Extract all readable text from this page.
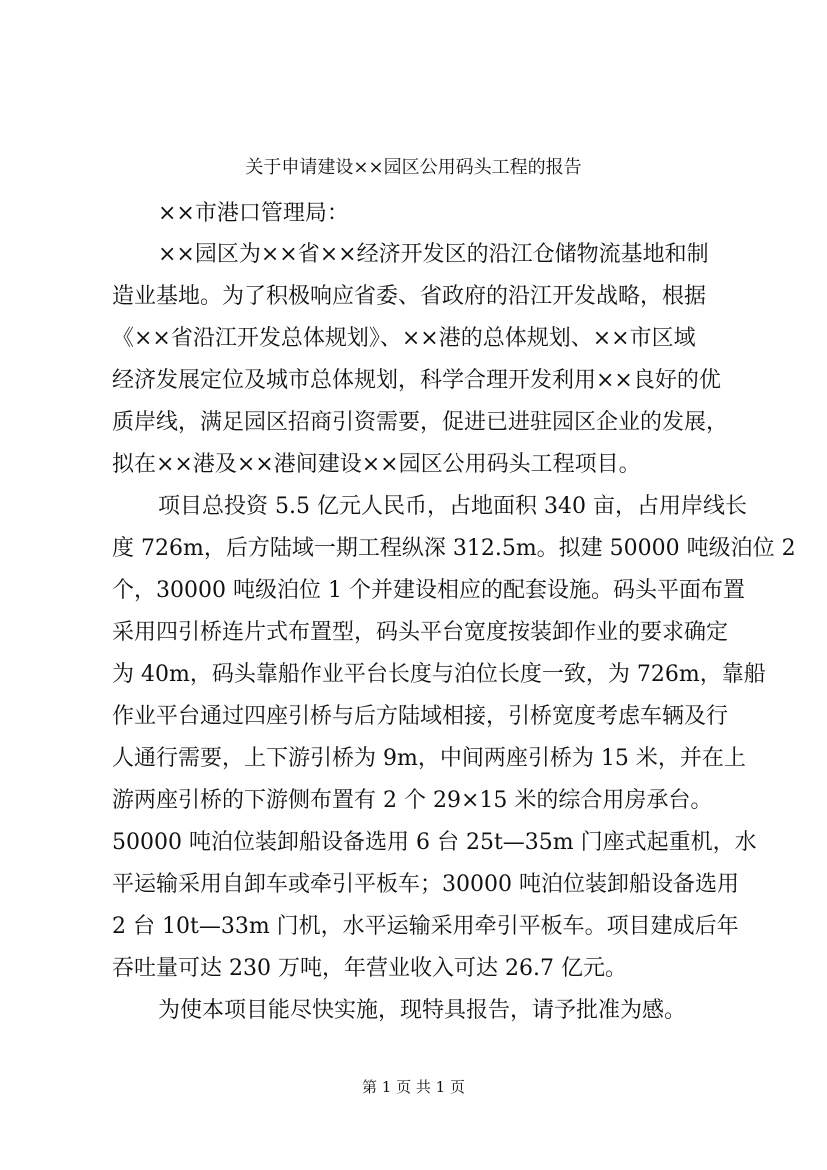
关于申请建设××园区公用码头工程的报告

××市港口管理局：

××园区为××省××经济开发区的沿江仓储物流基地和制

造业基地。为了积极响应省委、省政府的沿江开发战略，根据

《××省沿江开发总体规划》、××港的总体规划、××市区域

经济发展定位及城市总体规划，科学合理开发利用××良好的优

质岸线，满足园区招商引资需要，促进已进驻园区企业的发展，

拟在××港及××港间建设××园区公用码头工程项目。

项目总投资 5.5 亿元人民币，占地面积 340 亩，占用岸线长

度 726m，后方陆域一期工程纵深 312.5m。拟建 50000 吨级泊位 2

个，30000 吨级泊位 1 个并建设相应的配套设施。码头平面布置

采用四引桥连片式布置型，码头平台宽度按装卸作业的要求确定

为 40m，码头靠船作业平台长度与泊位长度一致，为 726m，靠船

作业平台通过四座引桥与后方陆域相接，引桥宽度考虑车辆及行

人通行需要，上下游引桥为 9m，中间两座引桥为 15 米，并在上

游两座引桥的下游侧布置有 2 个 29×15 米的综合用房承台。

50000 吨泊位装卸船设备选用 6 台 25t—35m 门座式起重机，水

平运输采用自卸车或牵引平板车；30000 吨泊位装卸船设备选用

2 台 10t—33m 门机，水平运输采用牵引平板车。项目建成后年

吞吐量可达 230 万吨，年营业收入可达 26.7 亿元。

为使本项目能尽快实施，现特具报告，请予批准为感。

第 1 页 共 1 页
